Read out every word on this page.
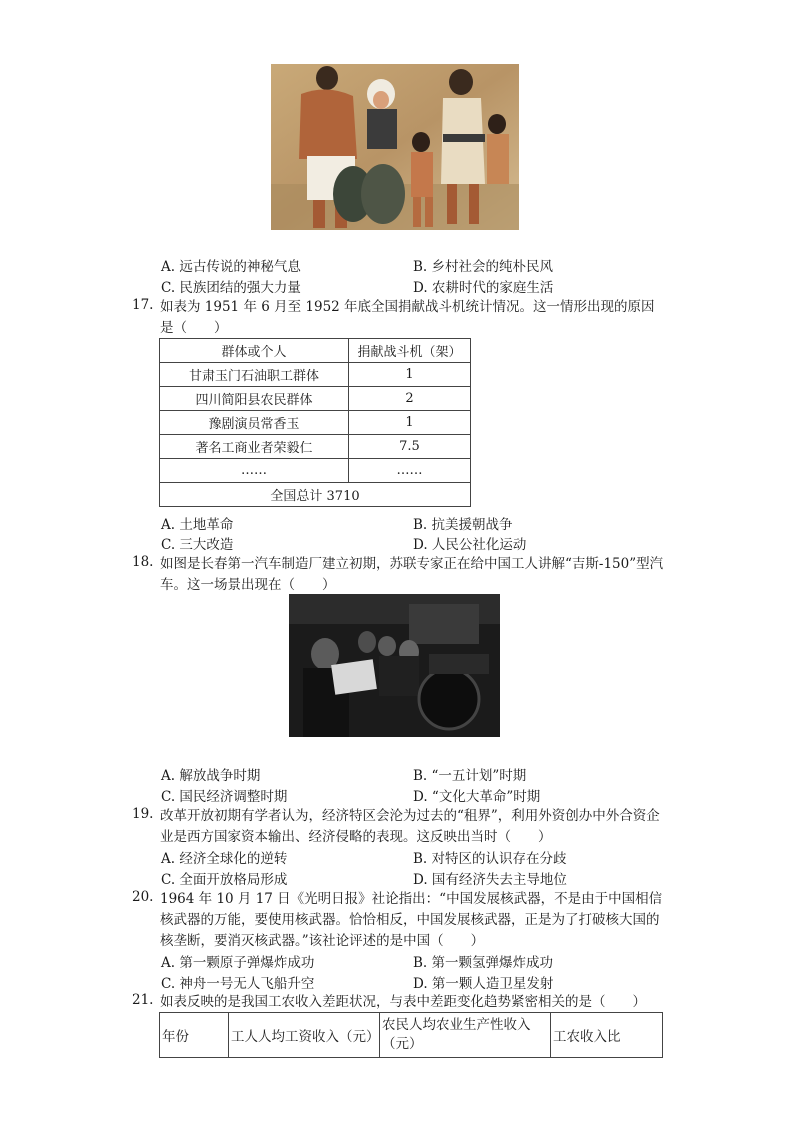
A. 远古传说的神秘气息	B. 乡村社会的纯朴民风
C. 民族团结的强大力量	D. 农耕时代的家庭生活
17. 如表为 1951 年 6 月至 1952 年底全国捐献战斗机统计情况。这一情形出现的原因是（　　）
群体或个人	捐献战斗机（架）
甘肃玉门石油职工群体	1
四川简阳县农民群体	2
豫剧演员常香玉	1
著名工商业者荣毅仁	7.5
……	……
全国总计 3710	
A. 土地革命	B. 抗美援朝战争
C. 三大改造	D. 人民公社化运动
18. 如图是长春第一汽车制造厂建立初期，苏联专家正在给中国工人讲解“吉斯-150”型汽车。这一场景出现在（　　）
A. 解放战争时期	B. “一五计划”时期
C. 国民经济调整时期	D. “文化大革命”时期
19. 改革开放初期有学者认为，经济特区会沦为过去的“租界”，利用外资创办中外合资企业是西方国家资本输出、经济侵略的表现。这反映出当时（　　）
A. 经济全球化的逆转	B. 对特区的认识存在分歧
C. 全面开放格局形成	D. 国有经济失去主导地位
20. 1964 年 10 月 17 日《光明日报》社论指出：“中国发展核武器，不是由于中国相信核武器的万能，要使用核武器。恰恰相反，中国发展核武器，正是为了打破核大国的核垄断，要消灭核武器。”该社论评述的是中国（　　）
A. 第一颗原子弹爆炸成功	B. 第一颗氢弹爆炸成功
C. 神舟一号无人飞船升空	D. 第一颗人造卫星发射
21. 如表反映的是我国工农收入差距状况，与表中差距变化趋势紧密相关的是（　　）
年份	工人人均工资收入（元）	农民人均农业生产性收入（元）	工农收入比
